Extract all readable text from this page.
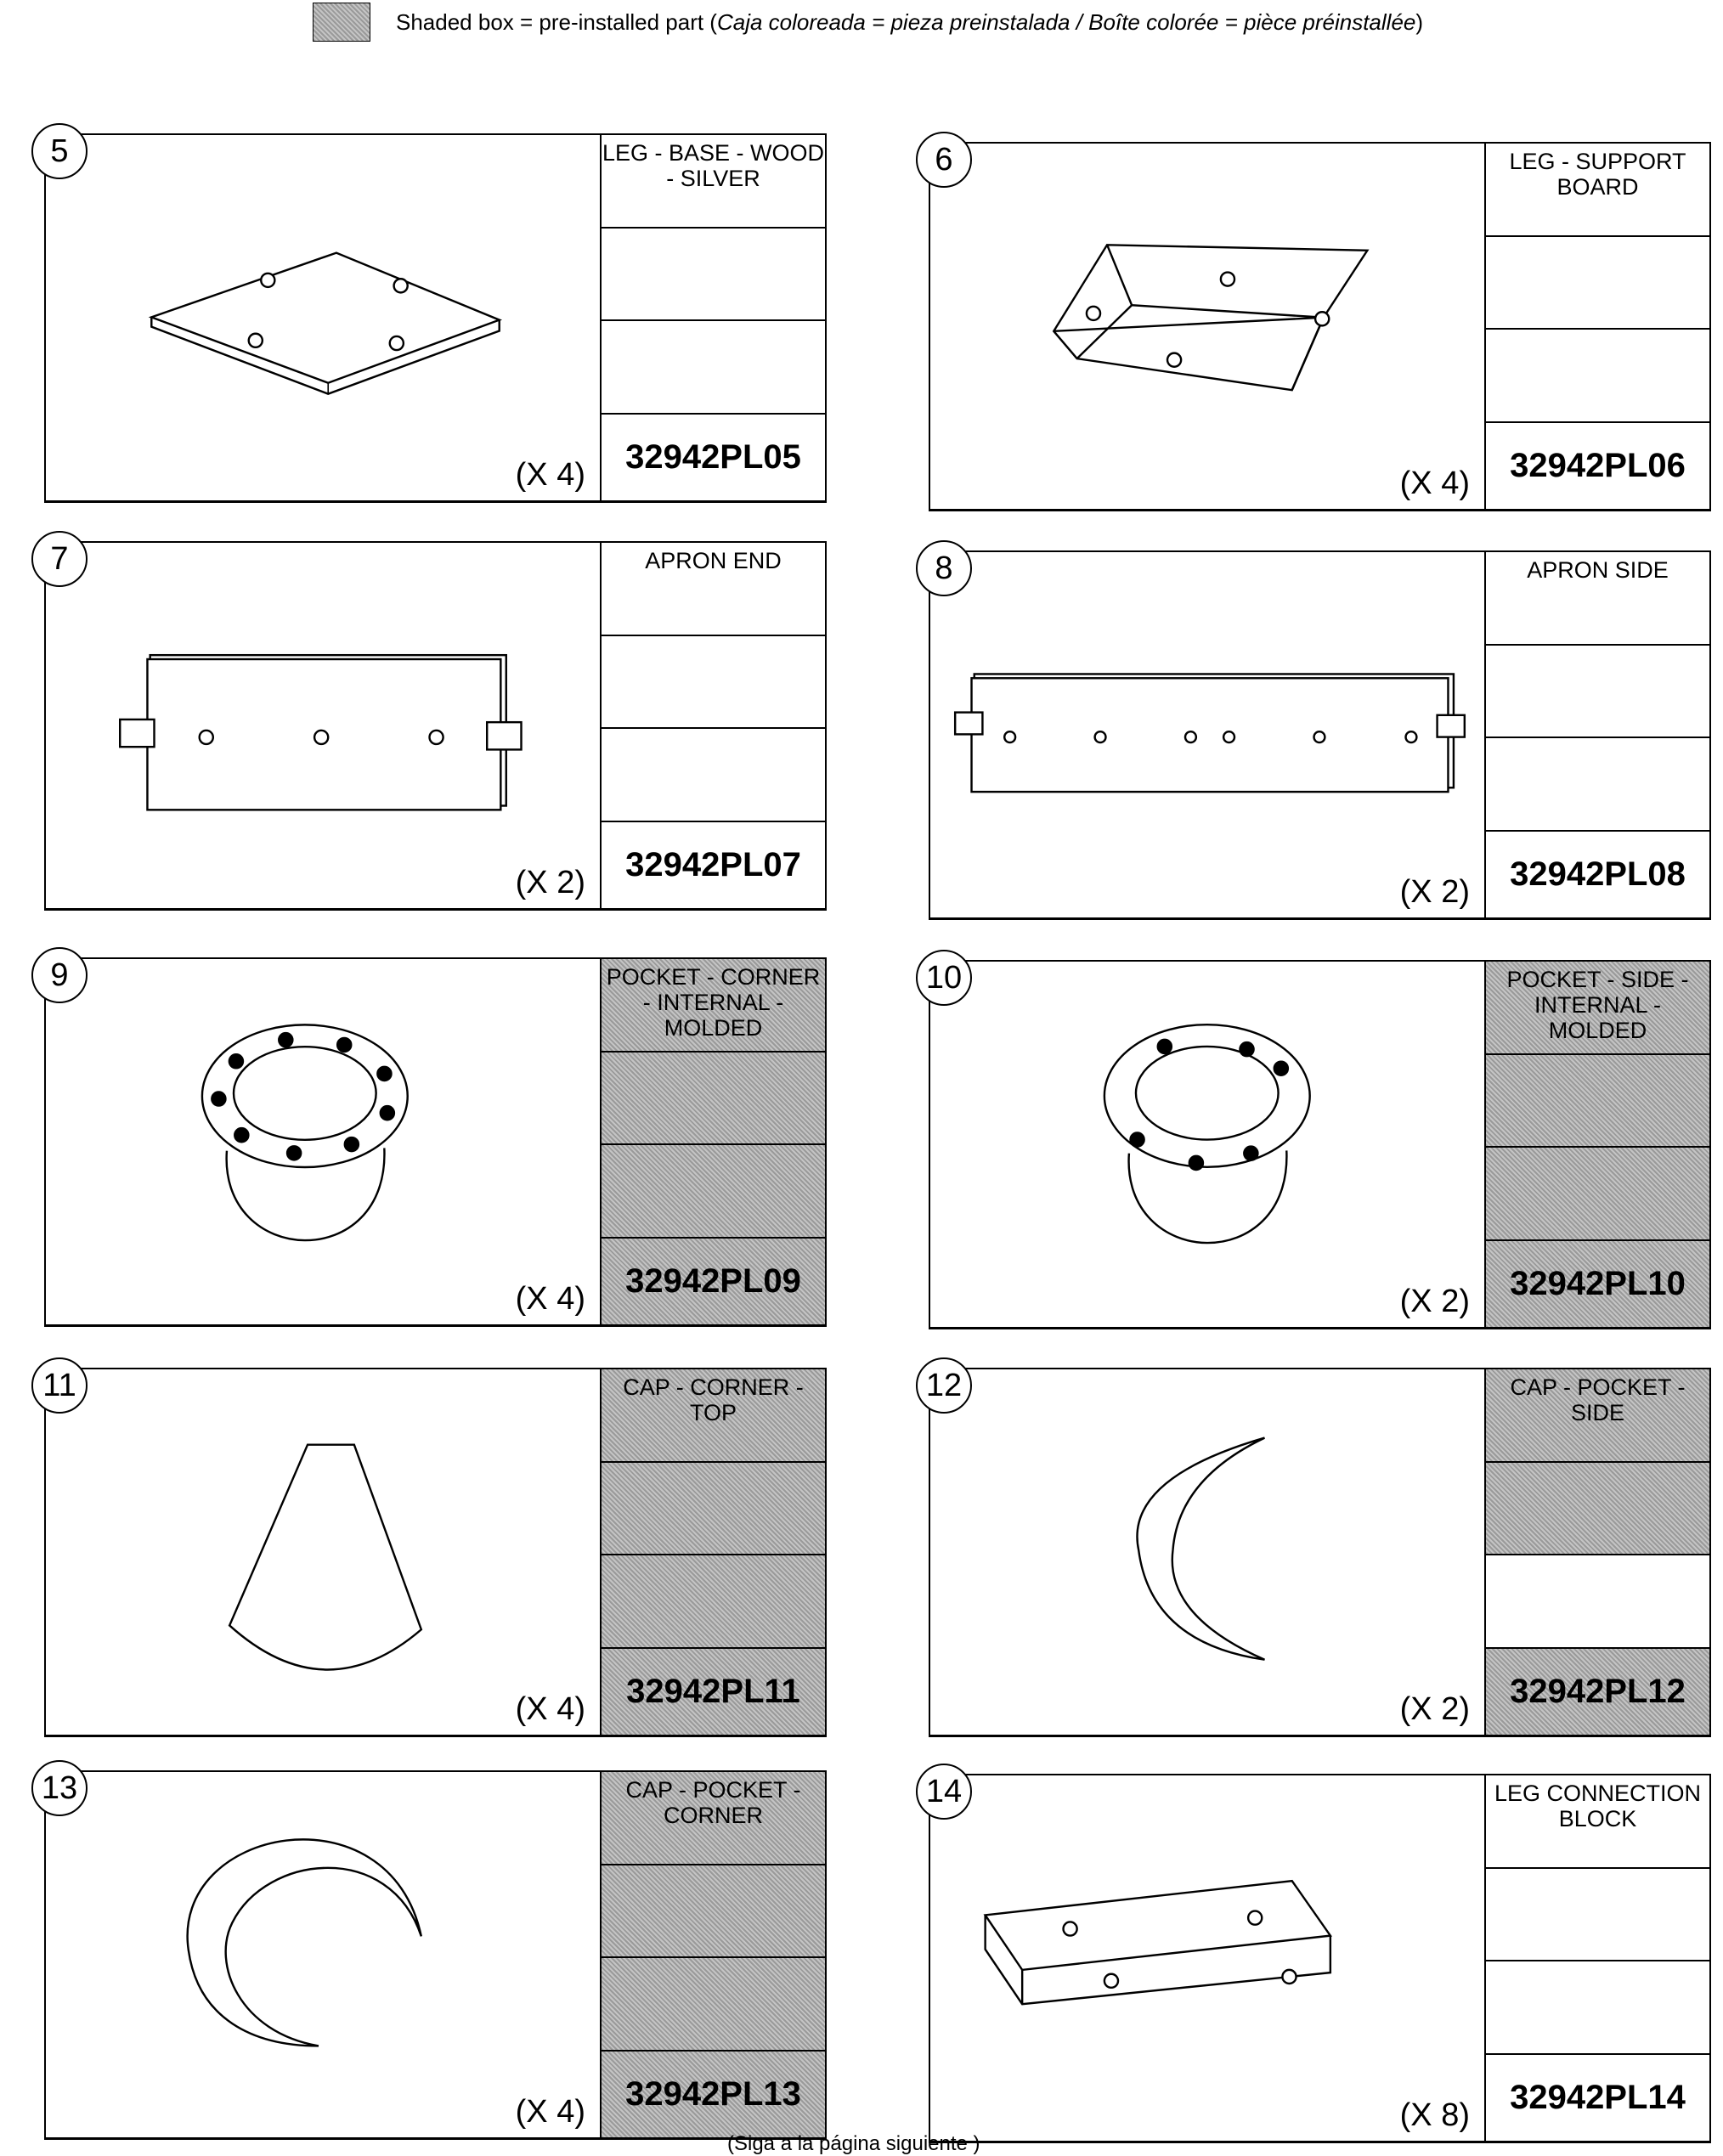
Shaded box = pre-installed part (Caja coloreada = pieza preinstalada / Boîte colorée = pièce préinstallée)
5
(X 4)
LEG - BASE - WOOD - SILVER
32942PL05
6
(X 4)
LEG - SUPPORT BOARD
32942PL06
7
(X 2)
APRON END
32942PL07
8
(X 2)
APRON SIDE
32942PL08
9
(X 4)
POCKET - CORNER - INTERNAL - MOLDED
32942PL09
10
(X 2)
POCKET - SIDE - INTERNAL - MOLDED
32942PL10
11
(X 4)
CAP - CORNER - TOP
32942PL11
12
(X 2)
CAP - POCKET - SIDE
32942PL12
13
(X 4)
CAP - POCKET - CORNER
32942PL13
14
(X 8)
LEG CONNECTION BLOCK
32942PL14
(Siga a la página siguiente )
